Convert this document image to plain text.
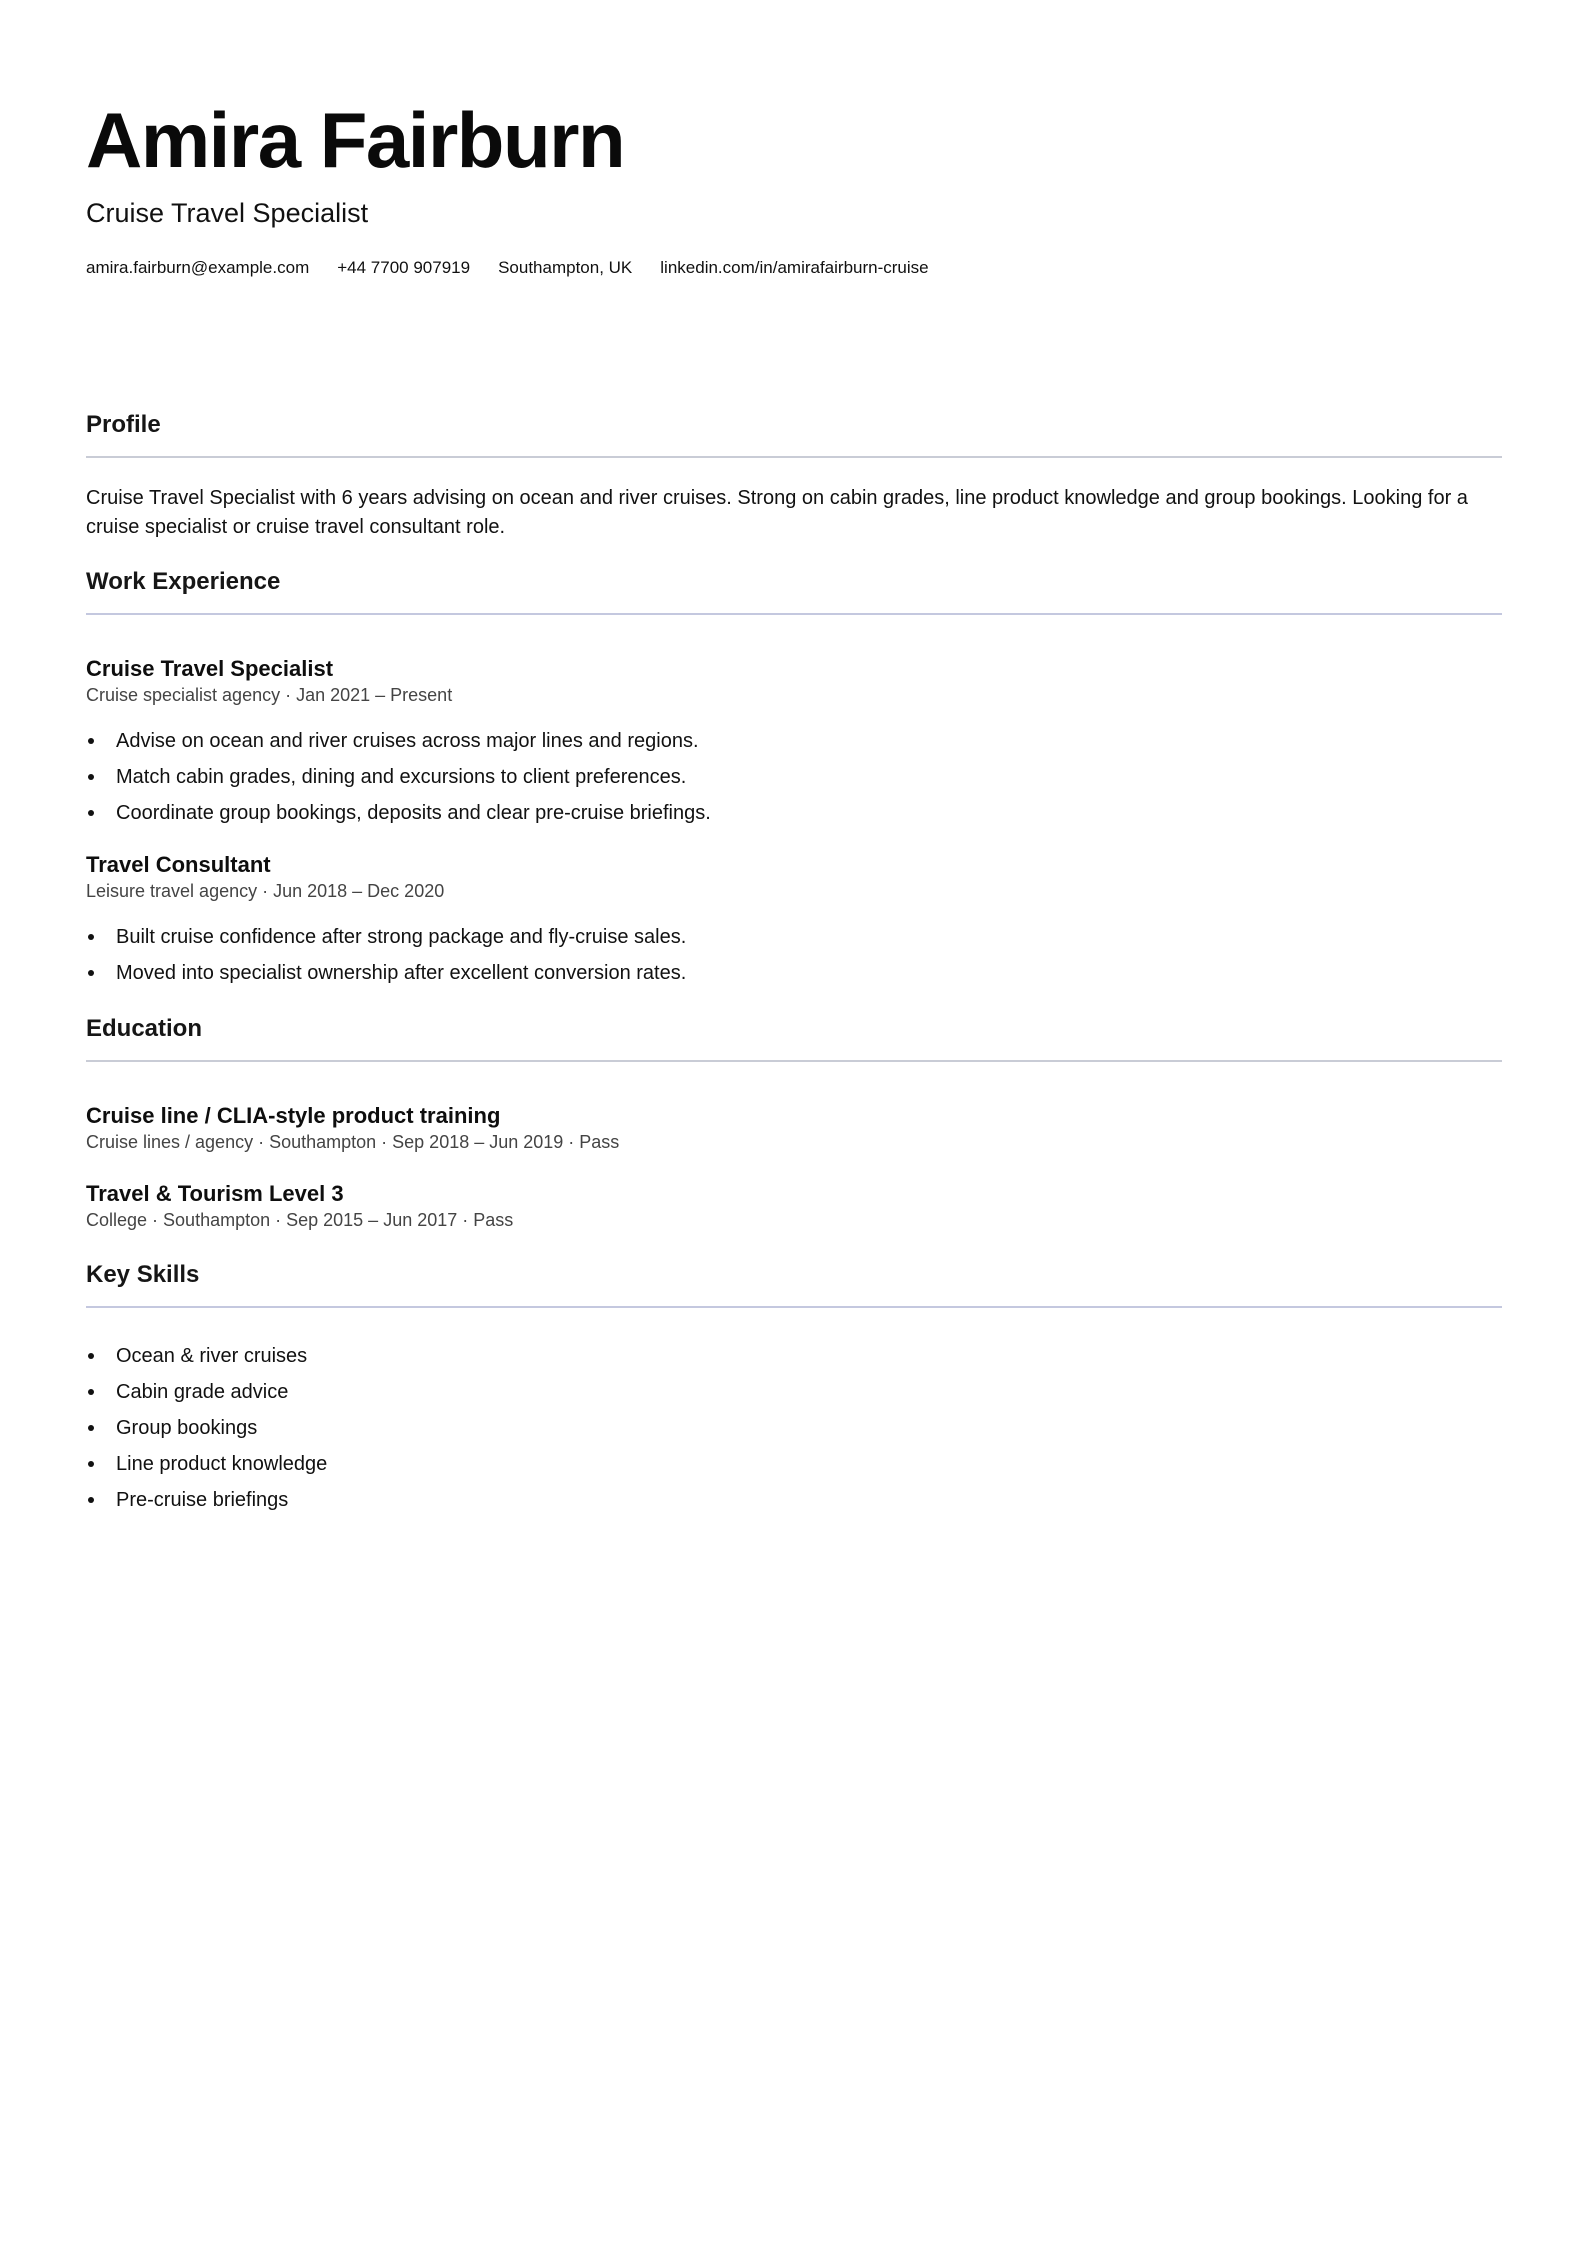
Amira Fairburn
Cruise Travel Specialist
amira.fairburn@example.com +44 7700 907919 Southampton, UK linkedin.com/in/amirafairburn-cruise
Profile

Cruise Travel Specialist with 6 years advising on ocean and river cruises. Strong on cabin grades, line product knowledge and group bookings. Looking for a cruise specialist or cruise travel consultant role.

Work Experience

Cruise Travel Specialist

Cruise specialist agency · Jan 2021 – Present

Advise on ocean and river cruises across major lines and regions.
Match cabin grades, dining and excursions to client preferences.
Coordinate group bookings, deposits and clear pre-cruise briefings.

Travel Consultant

Leisure travel agency · Jun 2018 – Dec 2020

Built cruise confidence after strong package and fly-cruise sales.
Moved into specialist ownership after excellent conversion rates.
Education

Cruise line / CLIA-style product training

Cruise lines / agency · Southampton · Sep 2018 – Jun 2019 · Pass

Travel & Tourism Level 3

College · Southampton · Sep 2015 – Jun 2017 · Pass

Key Skills
Ocean & river cruises
Cabin grade advice
Group bookings
Line product knowledge
Pre-cruise briefings
